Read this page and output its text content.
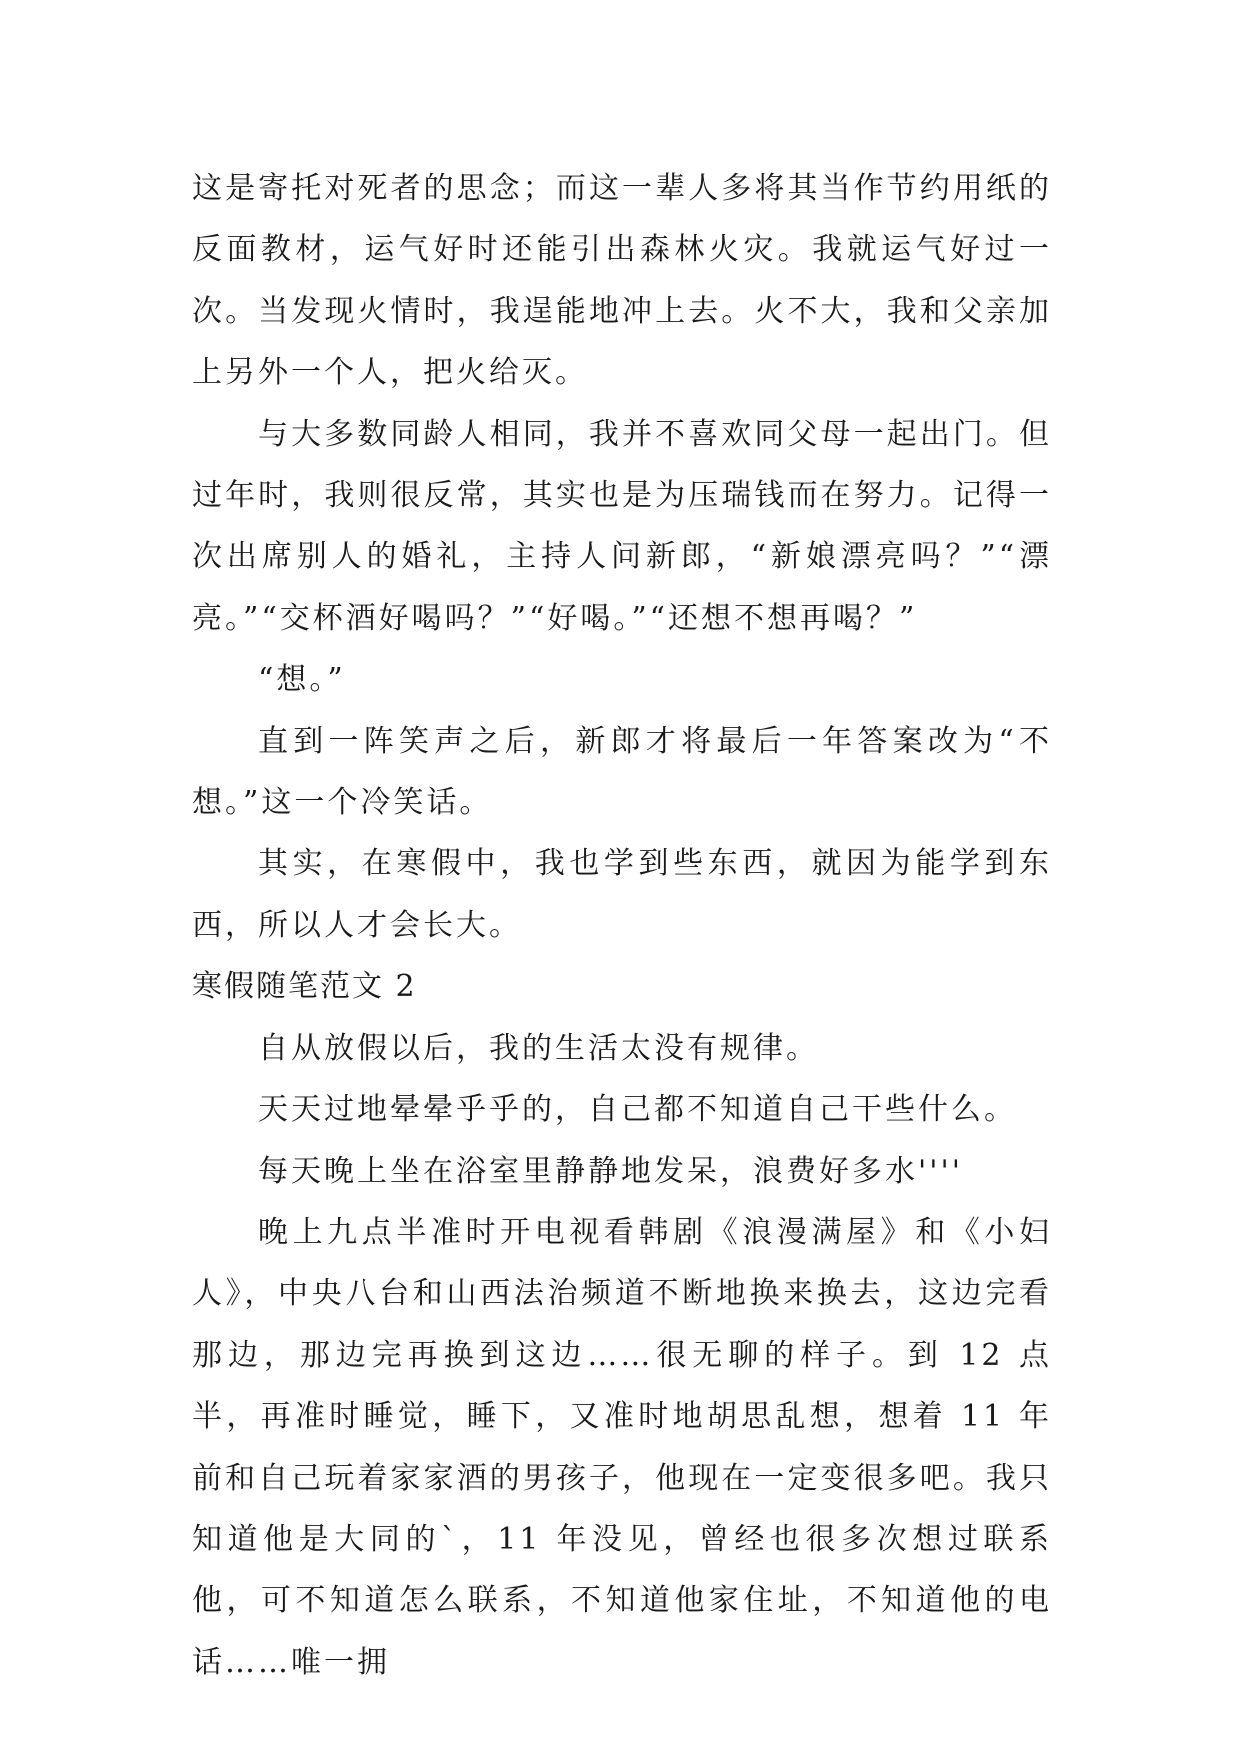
这是寄托对死者的思念；而这一辈人多将其当作节约用纸的反面教材，运气好时还能引出森林火灾。我就运气好过一次。当发现火情时，我逞能地冲上去。火不大，我和父亲加上另外一个人，把火给灭。

与大多数同龄人相同，我并不喜欢同父母一起出门。但过年时，我则很反常，其实也是为压瑞钱而在努力。记得一次出席别人的婚礼，主持人问新郎，“新娘漂亮吗？”“漂亮。”“交杯酒好喝吗？”“好喝。”“还想不想再喝？”

“想。”

直到一阵笑声之后，新郎才将最后一年答案改为“不想。”这一个冷笑话。

其实，在寒假中，我也学到些东西，就因为能学到东西，所以人才会长大。

寒假随笔范文 2

自从放假以后，我的生活太没有规律。

天天过地晕晕乎乎的，自己都不知道自己干些什么。

每天晚上坐在浴室里静静地发呆，浪费好多水''''

晚上九点半准时开电视看韩剧《浪漫满屋》和《小妇人》，中央八台和山西法治频道不断地换来换去，这边完看那边，那边完再换到这边……很无聊的样子。到 12 点半，再准时睡觉，睡下，又准时地胡思乱想，想着 11 年前和自己玩着家家酒的男孩子，他现在一定变很多吧。我只知道他是大同的`，11 年没见，曾经也很多次想过联系他，可不知道怎么联系，不知道他家住址，不知道他的电话……唯一拥
